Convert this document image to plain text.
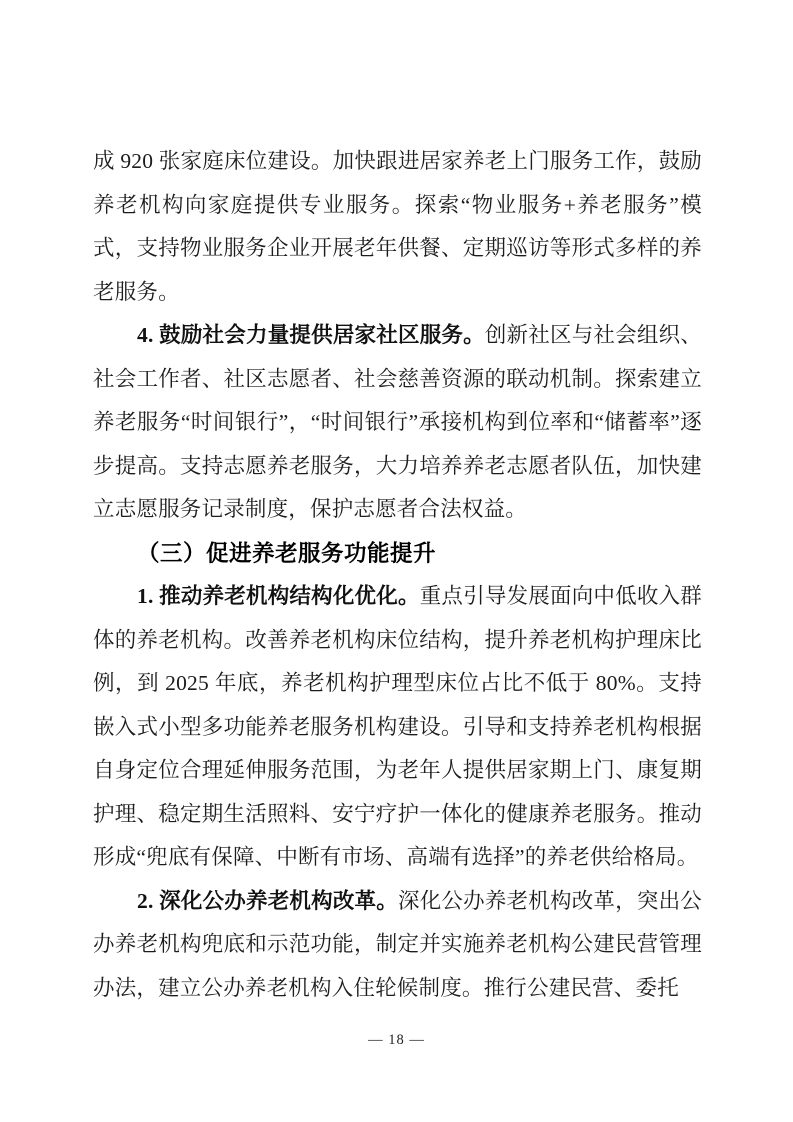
成 920 张家庭床位建设。加快跟进居家养老上门服务工作，鼓励养老机构向家庭提供专业服务。探索“物业服务+养老服务”模式，支持物业服务企业开展老年供餐、定期巡访等形式多样的养老服务。

4. 鼓励社会力量提供居家社区服务。创新社区与社会组织、社会工作者、社区志愿者、社会慈善资源的联动机制。探索建立养老服务“时间银行”，“时间银行”承接机构到位率和“储蓄率”逐步提高。支持志愿养老服务，大力培养养老志愿者队伍，加快建立志愿服务记录制度，保护志愿者合法权益。

（三）促进养老服务功能提升

1. 推动养老机构结构化优化。重点引导发展面向中低收入群体的养老机构。改善养老机构床位结构，提升养老机构护理床比例，到 2025 年底，养老机构护理型床位占比不低于 80%。支持嵌入式小型多功能养老服务机构建设。引导和支持养老机构根据自身定位合理延伸服务范围，为老年人提供居家期上门、康复期护理、稳定期生活照料、安宁疗护一体化的健康养老服务。推动形成“兜底有保障、中断有市场、高端有选择”的养老供给格局。

2. 深化公办养老机构改革。深化公办养老机构改革，突出公办养老机构兜底和示范功能，制定并实施养老机构公建民营管理办法，建立公办养老机构入住轮候制度。推行公建民营、委托

— 18 —
